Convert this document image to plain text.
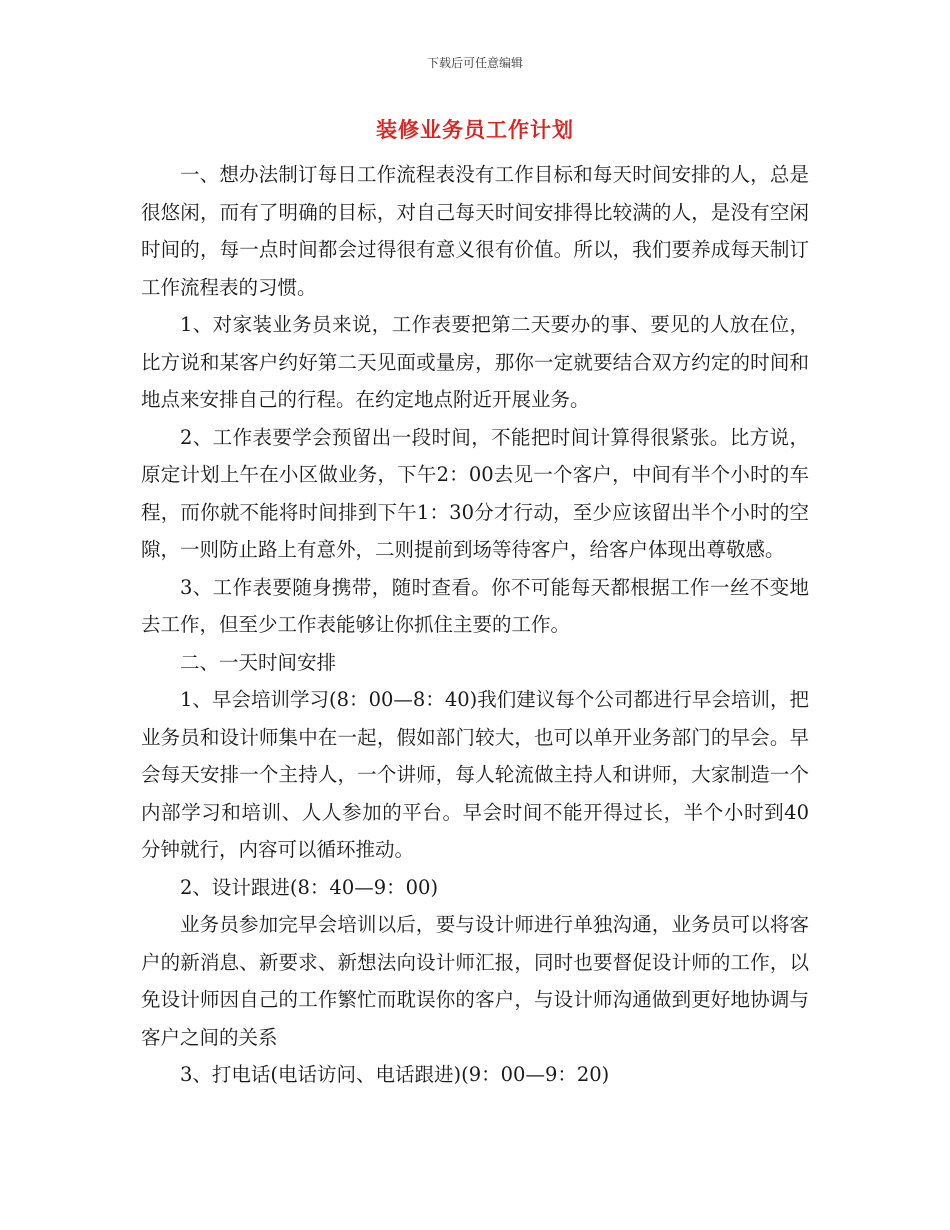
下载后可任意编辑
装修业务员工作计划

一、想办法制订每日工作流程表没有工作目标和每天时间安排的人，总是很悠闲，而有了明确的目标，对自己每天时间安排得比较满的人，是没有空闲时间的，每一点时间都会过得很有意义很有价值。所以，我们要养成每天制订工作流程表的习惯。

1、对家装业务员来说，工作表要把第二天要办的事、要见的人放在位，比方说和某客户约好第二天见面或量房，那你一定就要结合双方约定的时间和地点来安排自己的行程。在约定地点附近开展业务。

2、工作表要学会预留出一段时间，不能把时间计算得很紧张。比方说，原定计划上午在小区做业务，下午2：00去见一个客户，中间有半个小时的车程，而你就不能将时间排到下午1：30分才行动，至少应该留出半个小时的空隙，一则防止路上有意外，二则提前到场等待客户，给客户体现出尊敬感。

3、工作表要随身携带，随时查看。你不可能每天都根据工作一丝不变地去工作，但至少工作表能够让你抓住主要的工作。

二、一天时间安排

1、早会培训学习(8：00—8：40)我们建议每个公司都进行早会培训，把业务员和设计师集中在一起，假如部门较大，也可以单开业务部门的早会。早会每天安排一个主持人，一个讲师，每人轮流做主持人和讲师，大家制造一个内部学习和培训、人人参加的平台。早会时间不能开得过长，半个小时到40分钟就行，内容可以循环推动。

2、设计跟进(8：40—9：00)

业务员参加完早会培训以后，要与设计师进行单独沟通，业务员可以将客户的新消息、新要求、新想法向设计师汇报，同时也要督促设计师的工作，以免设计师因自己的工作繁忙而耽误你的客户，与设计师沟通做到更好地协调与客户之间的关系

3、打电话(电话访问、电话跟进)(9：00—9：20)
